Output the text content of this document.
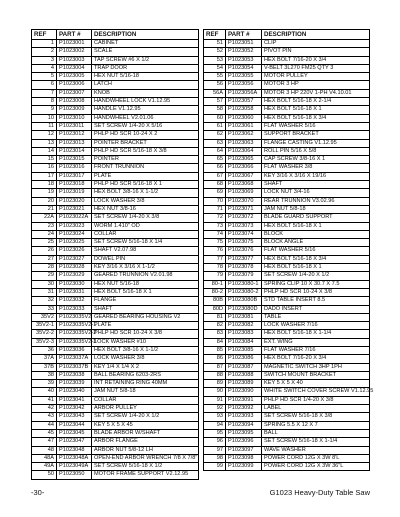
REF	PART #	DESCRIPTION
1	P1023001	CABINET
2	P1023002	SCALE
3	P1023003	TAP SCREW #6 X 1/2
4	P1023004	TRAP DOOR
5	P1023005	HEX NUT 5/16-18
6	P1023006	LATCH
7	P1023007	KNOB
8	P1023008	HANDWHEEL LOCK V1.12.95
9	P1023009	HANDLE V1.12.95
10	P1023010	HANDWHEEL V2.01.06
11	P1023011	SET SCREW 1/4-20 X 5/16
12	P1023012	PHLP HD SCR 10-24 X 2
13	P1023013	POINTER BRACKET
14	P1023014	PHLP HD SCR 5/16-18 X 3/8
15	P1023015	POINTER
16	P1023016	FRONT TRUNNION
17	P1023017	PLATE
18	P1023018	PHLP HD SCR 5/16-18 X 1
19	P1023019	HEX BOLT 3/8-16 X 1-1/2
20	P1023020	LOCK WASHER 3/8
21	P1023021	HEX NUT 3/8-16
22A	P1023022A	SET SCREW 1/4-20 X 3/8
23	P1023023	WORM 1.410" OD
24	P1023024	COLLAR
25	P1023025	SET SCREW 5/16-18 X 1/4
26	P1023026	SHAFT V2.07.98
27	P1023027	DOWEL PIN
28	P1023028	KEY 3/16 X 3/16 X 1-1/2
29	P1023029	GEARED TRUNNION V2.01.98
30	P1023030	HEX NUT 5/16-18
31	P1023031	HEX BOLT 5/16-18 X 1
32	P1023032	FLANGE
33	P1023033	SHAFT
35V2	P1023035V2	GEARED BEARING HOUSING V2
35V2-1	P1023035V2-1	PLATE
35V2-2	P1023035V2-2	PHLP HD SCR 10-24 X 3/8
35V2-3	P1023035V2-3	LOCK WASHER #10
36	P1023036	HEX BOLT 3/8-16 X 1-1/2
37A	P1023037A	LOCK WASHER 3/8
37B	P1023037B	KEY 1/4 X 1/4 X 2
38	P1023038	BALL BEARING 6203-2RS
39	P1023039	INT RETAINING RING 40MM
40	P1023040	JAM NUT 5/8-18
41	P1023041	COLLAR
42	P1023042	ARBOR PULLEY
43	P1023043	SET SCREW 1/4-20 X 1/2
44	P1023044	KEY 5 X 5 X 45
45	P1023045	BLADE ARBOR W/SHAFT
47	P1023047	ARBOR FLANGE
48	P1023048	ARBOR NUT 5/8-12 LH
48A	P1023048A	OPEN-END ARBOR WRENCH 7/8 X 7/8"
49A	P1023049A	SET SCREW 5/16-18 X 1/2
50	P1023050	MOTOR FRAME SUPPORT V2.12.95
REF	PART #	DESCRIPTION
51	P1023051	CLIP
52	P1023052	PIVOT PIN
53	P1023053	HEX BOLT 7/16-20 X 3/4
54	P1023054	V-BELT 3L270 FM25 QTY 3
55	P1023055	MOTOR PULLEY
56	P1023056	MOTOR 3 HP
56A	P1023056A	MOTOR 3 HP 220V 1-PH V4.10.01
57	P1023057	HEX BOLT 5/16-18 X 2-1/4
58	P1023058	HEX BOLT 5/16-18 X 1
60	P1023060	HEX BOLT 5/16-18 X 3/4
61	P1023061	FLAT WASHER 5/16
62	P1023062	SUPPORT BRACKET
63	P1023063	FLANGE CASTING V1.12.95
64	P1023064	ROLL PIN 5/16 X 5/8
65	P1023065	CAP SCREW 3/8-16 X 1
66	P1023066	FLAT WASHER 3/8
67	P1023067	KEY 3/16 X 3/16 X 19/16
68	P1023068	SHAFT
69	P1023069	LOCK NUT 3/4-16
70	P1023070	REAR TRUNNION V3.02.96
71	P1023071	JAM NUT 5/8-18
72	P1023072	BLADE GUARD SUPPORT
73	P1023073	HEX BOLT 5/16-18 X 1
74	P1023074	BLOCK
75	P1023075	BLOCK ANGLE
76	P1023076	FLAT WASHER 5/16
77	P1023077	HEX BOLT 5/16-18 X 3/4
78	P1023078	HEX BOLT 5/16-18 X 1
79	P1023079	SET SCREW 1/4-20 X 1/2
80-1	P1023080-1	SPRING CLIP 10 X 30.7 X 7.5
80-2	P1023080-2	PHLP HD SCR 10-24 X 3/8
80B	P1023080B	STD TABLE INSERT 8.5
80D	P1023080D	DADO INSERT
81	P1023081	TABLE
82	P1023082	LOCK WASHER 7/16
83	P1023083	HEX BOLT 5/16-18 X 1-1/4
84	P1023084	EXT. WING
85	P1023085	FLAT WASHER 7/16
86	P1023086	HEX BOLT 7/16-20 X 3/4
87	P1023087	MAGNETIC SWITCH 3HP 1PH
88	P1023088	SWITCH MOUNT BRACKET
89	P1023089	KEY 5 X 5 X 40
90	P1023090	WHITE SWITCH COVER SCREW V1.12.95
91	P1023091	PHLP HD SCR 1/4-20 X 3/8
92	P1023092	LABEL
93	P1023093	SET SCREW 5/16-18 X 3/8
94	P1023094	SPRING 5.5 X 12 X 7
95	P1023095	BALL
96	P1023096	SET SCREW 5/16-18 X 1-1/4
97	P1023097	WAVE WASHER
98	P1023098	POWER CORD 12G X 3W 8'L
99	P1023099	POWER CORD 12G X 3W 36"L
-30-	G1023 Heavy-Duty Table Saw
